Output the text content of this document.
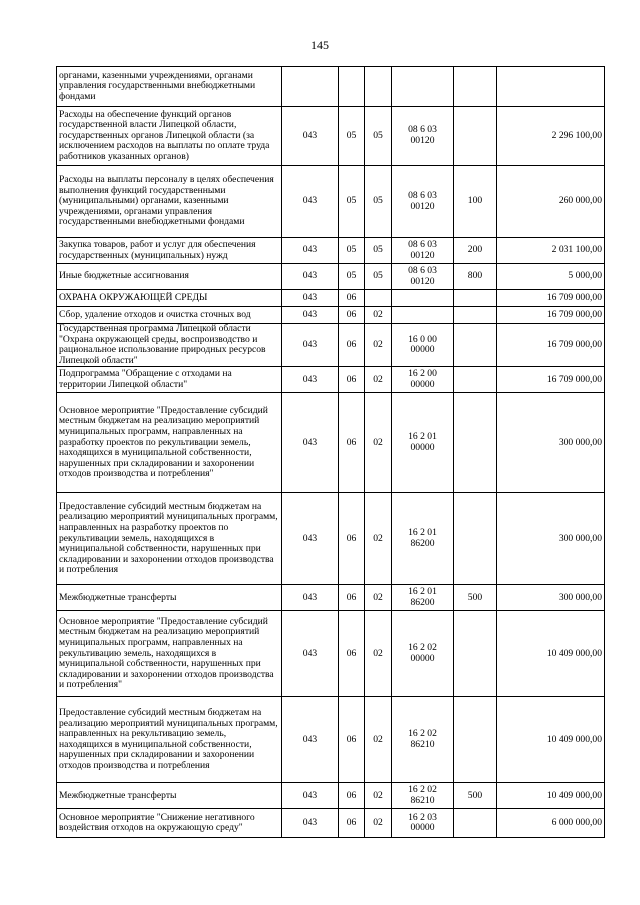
145
органами, казенными учреждениями, органами управления государственными внебюджетными фондами				

Расходы на обеспечение функций органов государственной власти Липецкой области, государственных органов Липецкой области (за исключением расходов на выплаты по оплате труда работников указанных органов)	043	05	05	08 6 03
00120		2 296 100,00
Расходы на выплаты персоналу в целях обеспечения выполнения функций государственными (муниципальными) органами, казенными учреждениями, органами управления государственными внебюджетными фондами	043	05	05	08 6 03
00120	100	260 000,00
Закупка товаров, работ и услуг для обеспечения государственных (муниципальных) нужд	043	05	05	08 6 03
00120	200	2 031 100,00
Иные бюджетные ассигнования	043	05	05	08 6 03
00120	800	5 000,00
ОХРАНА ОКРУЖАЮЩЕЙ СРЕДЫ	043	06				16 709 000,00
Сбор, удаление отходов и очистка сточных вод	043	06	02			16 709 000,00
Государственная программа Липецкой области "Охрана окружающей среды, воспроизводство и рациональное использование природных ресурсов Липецкой области"	043	06	02	16 0 00
00000		16 709 000,00
Подпрограмма "Обращение с отходами на территории Липецкой области"	043	06	02	16 2 00
00000		16 709 000,00
Основное мероприятие "Предоставление субсидий местным бюджетам на реализацию мероприятий муниципальных программ, направленных на разработку проектов по рекультивации земель, находящихся в муниципальной собственности, нарушенных при складировании и захоронении отходов производства и потребления"	043	06	02	16 2 01
00000		300 000,00
Предоставление субсидий местным бюджетам на реализацию мероприятий муниципальных программ, направленных на разработку проектов по рекультивации земель, находящихся в муниципальной собственности, нарушенных при складировании и захоронении отходов производства и потребления	043	06	02	16 2 01
86200		300 000,00
Межбюджетные трансферты	043	06	02	16 2 01
86200	500	300 000,00
Основное мероприятие "Предоставление субсидий местным бюджетам на реализацию мероприятий муниципальных программ, направленных на рекультивацию земель, находящихся в муниципальной собственности, нарушенных при складировании и захоронении отходов производства и потребления"	043	06	02	16 2 02
00000		10 409 000,00
Предоставление субсидий местным бюджетам на реализацию мероприятий муниципальных программ, направленных на рекультивацию земель, находящихся в муниципальной собственности, нарушенных при складировании и захоронении отходов производства и потребления	043	06	02	16 2 02
86210		10 409 000,00
Межбюджетные трансферты	043	06	02	16 2 02
86210	500	10 409 000,00
Основное мероприятие "Снижение негативного воздействия отходов на окружающую среду"	043	06	02	16 2 03
00000		6 000 000,00
